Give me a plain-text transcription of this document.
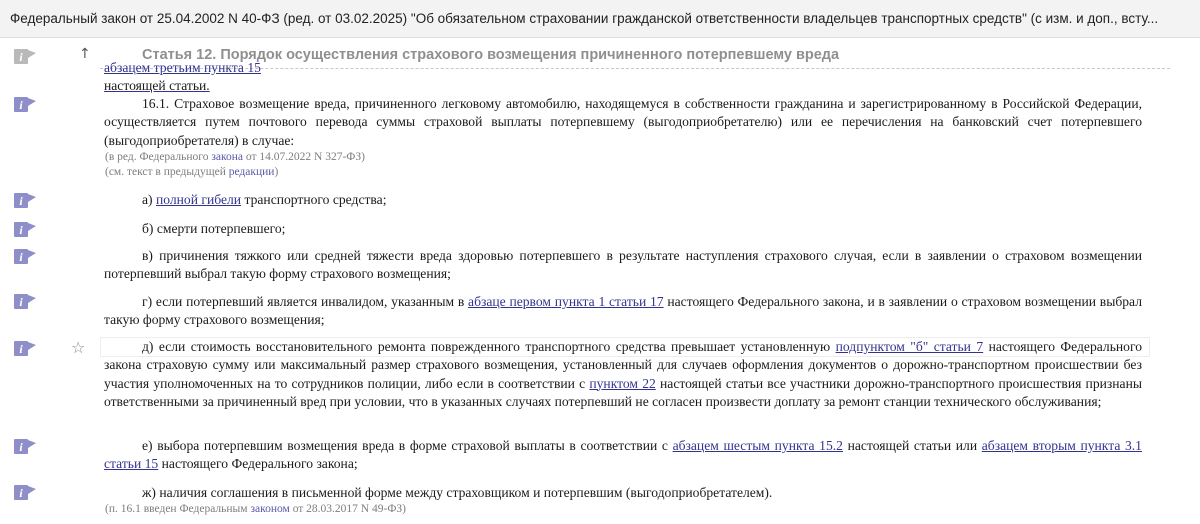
Федеральный закон от 25.04.2002 N 40-ФЗ (ред. от 03.02.2025) "Об обязательном страховании гражданской ответственности владельцев транспортных средств" (с изм. и доп., всту...
i	↑	Статья 12. Порядок осуществления страхового возмещения причиненного потерпевшему вреда
абзацем третьим пункта 15
настоящей статьи.
i	16.1. Страховое возмещение вреда, причиненного легковому автомобилю, находящемуся в собственности гражданина и зарегистрированному в Российской Федерации, осуществляется путем почтового перевода суммы страховой выплаты потерпевшему (выгодоприобретателю) или ее перечисления на банковский счет потерпевшего (выгодоприобретателя) в случае:
(в ред. Федерального закона от 14.07.2022 N 327-ФЗ)
(см. текст в предыдущей редакции)
i	а) полной гибели транспортного средства;
i	б) смерти потерпевшего;
i	в) причинения тяжкого или средней тяжести вреда здоровью потерпевшего в результате наступления страхового случая, если в заявлении о страховом возмещении потерпевший выбрал такую форму страхового возмещения;
i	г) если потерпевший является инвалидом, указанным в абзаце первом пункта 1 статьи 17 настоящего Федерального закона, и в заявлении о страховом возмещении выбрал такую форму страхового возмещения;
i	☆	д) если стоимость восстановительного ремонта поврежденного транспортного средства превышает установленную подпунктом "б" статьи 7 настоящего Федерального закона страховую сумму или максимальный размер страхового возмещения, установленный для случаев оформления документов о дорожно-транспортном происшествии без участия уполномоченных на то сотрудников полиции, либо если в соответствии с пунктом 22 настоящей статьи все участники дорожно-транспортного происшествия признаны ответственными за причиненный вред при условии, что в указанных случаях потерпевший не согласен произвести доплату за ремонт станции технического обслуживания;
i	е) выбора потерпевшим возмещения вреда в форме страховой выплаты в соответствии с абзацем шестым пункта 15.2 настоящей статьи или абзацем вторым пункта 3.1 статьи 15 настоящего Федерального закона;
i	ж) наличия соглашения в письменной форме между страховщиком и потерпевшим (выгодоприобретателем).
(п. 16.1 введен Федеральным законом от 28.03.2017 N 49-ФЗ)
